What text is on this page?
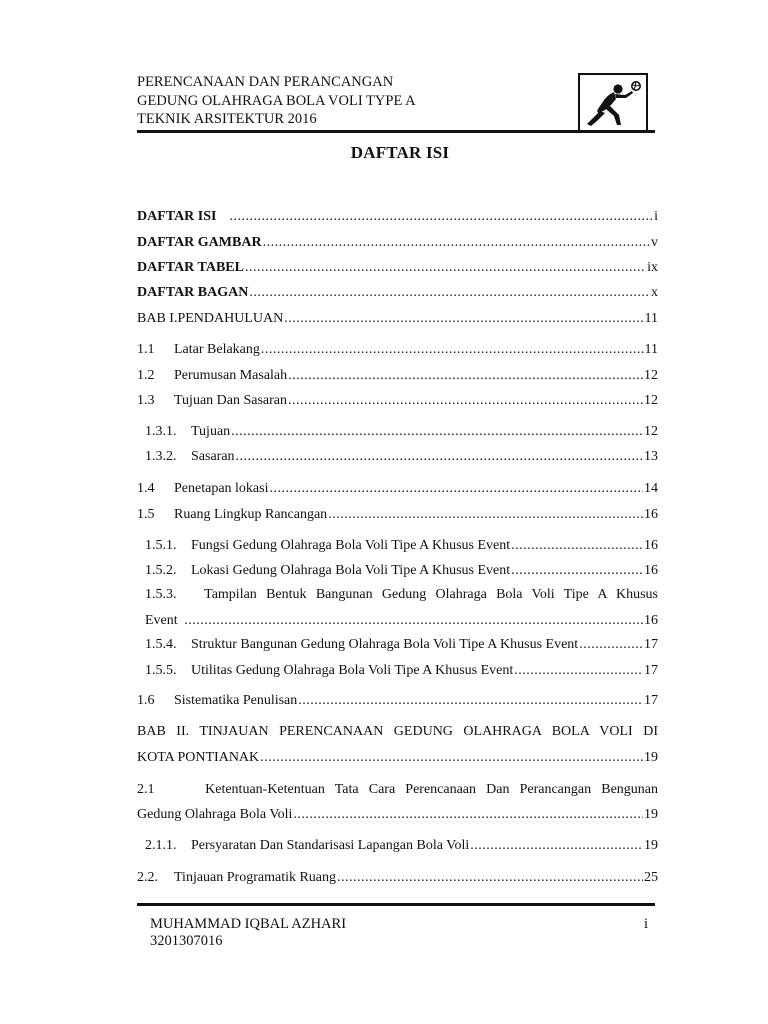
PERENCANAAN DAN PERANCANGAN
GEDUNG OLAHRAGA BOLA VOLI TYPE A
TEKNIK ARSITEKTUR 2016
DAFTAR ISI
DAFTAR ISI .....	i
DAFTAR GAMBAR .....	v
DAFTAR TABEL .....	ix
DAFTAR BAGAN .....	x
BAB I.PENDAHULUAN .....	11
1.1	Latar Belakang .....	11
1.2	Perumusan Masalah .....	12
1.3	Tujuan Dan Sasaran .....	12
1.3.1.	Tujuan .....	12
1.3.2.	Sasaran .....	13
1.4	Penetapan lokasi .....	14
1.5	Ruang Lingkup Rancangan .....	16
1.5.1.	Fungsi Gedung Olahraga Bola Voli Tipe A Khusus Event .....	16
1.5.2.	Lokasi Gedung Olahraga Bola Voli Tipe A Khusus Event .....	16
1.5.3. Tampilan Bentuk Bangunan Gedung Olahraga Bola Voli Tipe A Khusus
Event .....	16
1.5.4.	Struktur Bangunan Gedung Olahraga Bola Voli Tipe A Khusus Event .....	17
1.5.5.	Utilitas Gedung Olahraga Bola Voli Tipe A Khusus Event .....	17
1.6	Sistematika Penulisan .....	17
BAB II. TINJAUAN PERENCANAAN GEDUNG OLAHRAGA BOLA VOLI DI
KOTA PONTIANAK .....	19
2.1	Ketentuan-Ketentuan Tata Cara Perencanaan Dan Perancangan Bengunan
Gedung Olahraga Bola Voli .....	19
2.1.1.	Persyaratan Dan Standarisasi Lapangan Bola Voli .....	19
2.2.	Tinjauan Programatik Ruang .....	25
MUHAMMAD IQBAL AZHARI
3201307016
i
